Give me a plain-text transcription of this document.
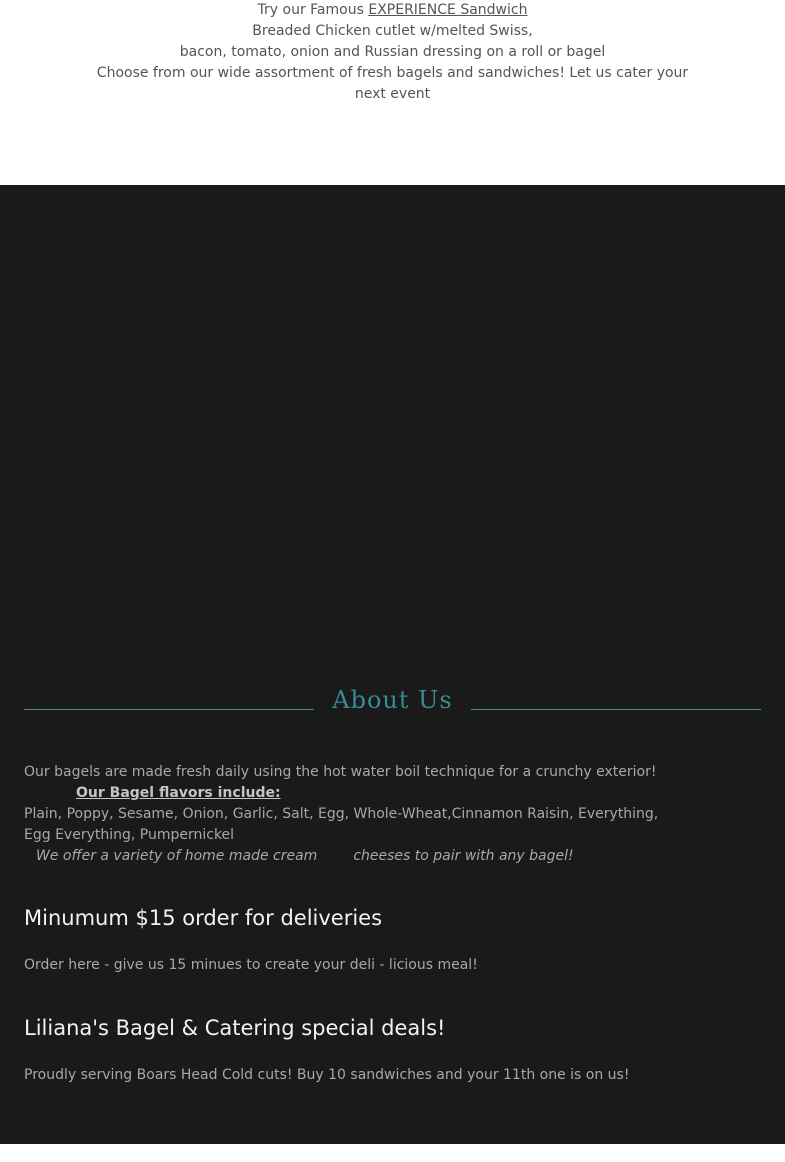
Try our Famous EXPERIENCE Sandwich
Breaded Chicken cutlet w/melted Swiss,
bacon, tomato, onion and Russian dressing on a roll or bagel
Choose from our wide assortment of fresh bagels and sandwiches! Let us cater your next event
About Us
Our bagels are made fresh daily using the hot water boil technique for a crunchy exterior!
Our Bagel flavors include:
Plain, Poppy, Sesame, Onion, Garlic, Salt, Egg, Whole-Wheat,Cinnamon Raisin, Everything, Egg Everything, Pumpernickel
We offer a variety of home made cream	cheeses to pair with any bagel!
Minumum $15 order for deliveries

Order here - give us 15 minues to create your deli - licious meal!

Liliana's Bagel & Catering special deals!

Proudly serving Boars Head Cold cuts! Buy 10 sandwiches and your 11th one is on us!
